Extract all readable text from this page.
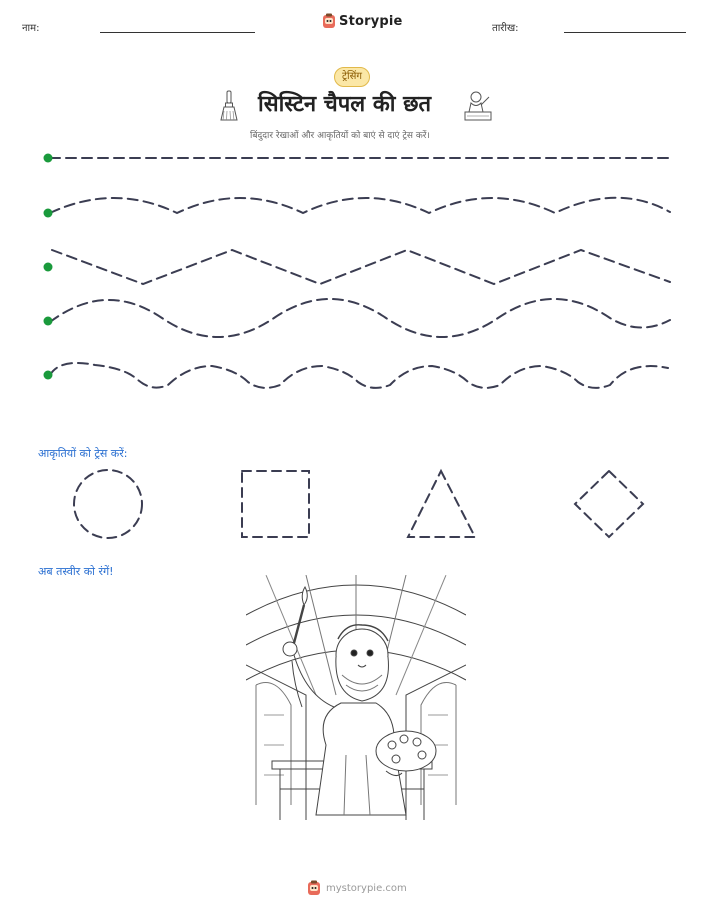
नाम:	Storypie	तारीख:
ट्रेसिंग
सिस्टिन चैपल की छत
बिंदुदार रेखाओं और आकृतियों को बाएं से दाएं ट्रेस करें।
आकृतियों को ट्रेस करें:
अब तस्वीर को रंगें!
mystorypie.com
